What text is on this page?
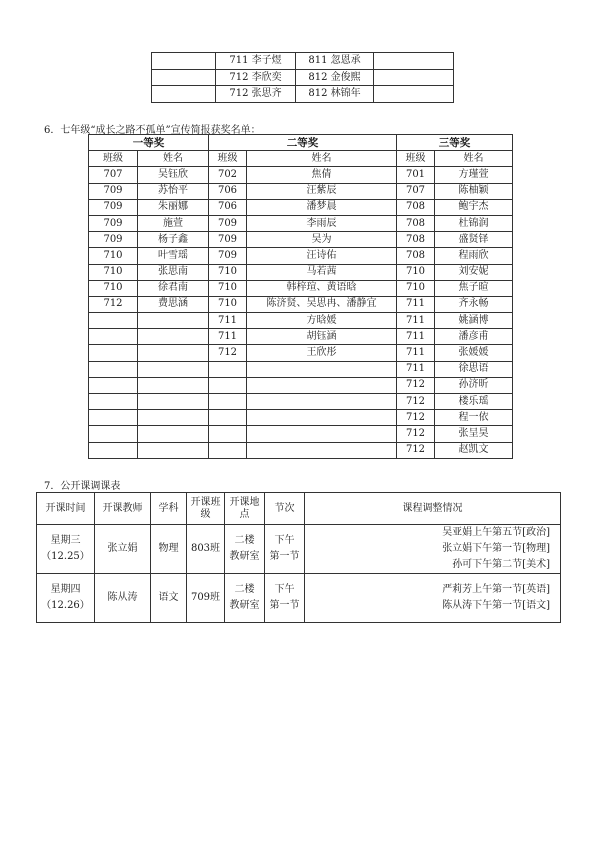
	711 李子煜	811 忽恩承	
	712 李欣奕	812 金俊熙	
	712 张思齐	812 林锦年	
6．七年级“成长之路不孤单”宣传简报获奖名单：
一等奖		二等奖		三等奖	
班级	姓名	班级	姓名	班级	姓名
707	吴钰欣	702	焦倩	701	方瑾萱
709	苏怡平	706	汪紫辰	707	陈柚颖
709	朱丽娜	706	潘梦晨	708	鲍宇杰
709	施萱	709	李雨辰	708	杜锦润
709	杨子鑫	709	吴为	708	盛贤铎
710	叶雪瑶	709	汪诗佑	708	程雨欣
710	张思南	710	马若茜	710	刘安妮
710	徐君南	710	韩梓瑄、黄语晗	710	焦子暄
712	费思涵	710	陈济贤、吴思冉、潘静宜	711	齐永畅
		711	方晗媛	711	姚涵博
		711	胡钰涵	711	潘彦甫
		712	王欣彤	711	张媛媛
				711	徐思语
				712	孙济昕
				712	楼乐瑶
				712	程一依
				712	张呈昊
				712	赵凯文
7．公开课调课表
开课时间	开课教师	学科	开课班级	开课地点	节次	课程调整情况

星期三
（12.25）	张立娟	物理	803班	二楼
教研室	下午
第一节	吴亚娟上午第五节[政治]
张立娟下午第一节[物理]
孙可下午第二节[美术]

星期四
（12.26）	陈从涛	语文	709班	二楼
教研室	下午
第一节	严莉芳上午第一节[英语]
陈从涛下午第一节[语文]
